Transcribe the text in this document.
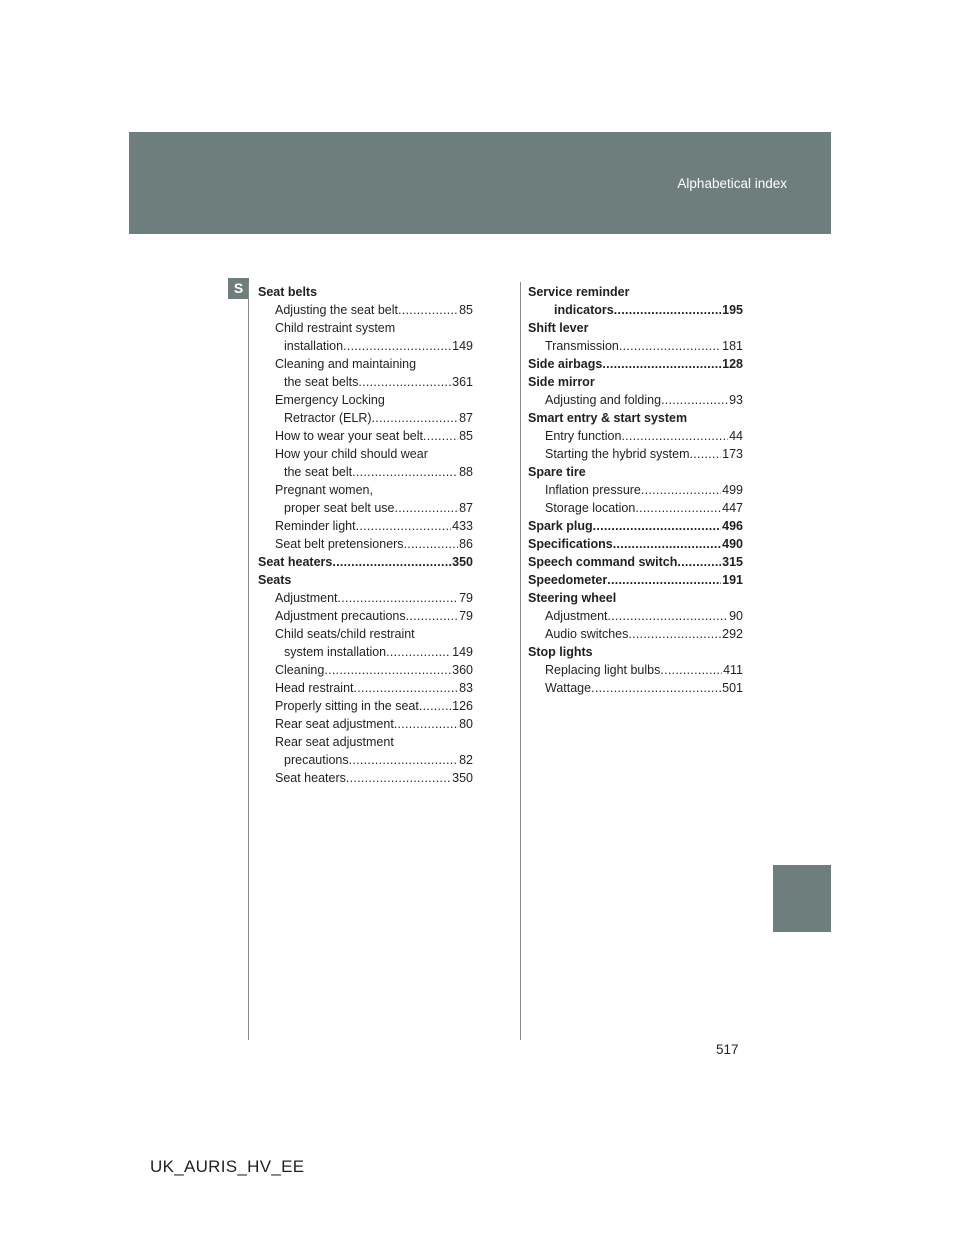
Alphabetical index
S	Seat belts
Adjusting the seat belt . . .	85
Child restraint system
installation . . .	149
Cleaning and maintaining
the seat belts . . .	361
Emergency Locking
Retractor (ELR) . . .	87
How to wear your seat belt . . .	85
How your child should wear
the seat belt . . .	88
Pregnant women,
proper seat belt use . . .	87
Reminder light . . .	433
Seat belt pretensioners . . .	86
Seat heaters . . .	350
Seats
Adjustment . . .	79
Adjustment precautions . . .	79
Child seats/child restraint
system installation . . .	149
Cleaning . . .	360
Head restraint . . .	83
Properly sitting in the seat . . .	126
Rear seat adjustment . . .	80
Rear seat adjustment
precautions . . .	82
Seat heaters . . .	350
Service reminder
indicators . . .	195
Shift lever
Transmission . . .	181
Side airbags . . .	128
Side mirror
Adjusting and folding . . .	93
Smart entry & start system
Entry function . . .	44
Starting the hybrid system . . .	173
Spare tire
Inflation pressure . . .	499
Storage location . . .	447
Spark plug . . .	496
Specifications . . .	490
Speech command switch . . .	315
Speedometer . . .	191
Steering wheel
Adjustment . . .	90
Audio switches . . .	292
Stop lights
Replacing light bulbs . . .	411
Wattage . . .	501
517
UK_AURIS_HV_EE
